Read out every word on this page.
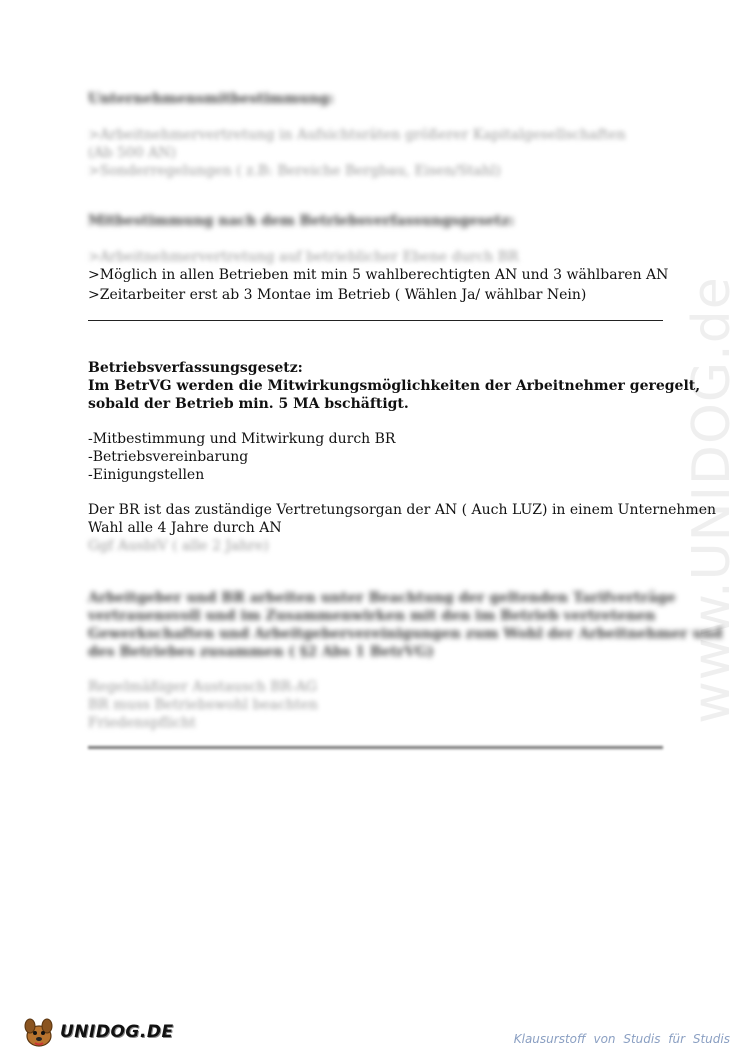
www.UNIDOG.de
Unternehmensmitbestimmung:
>Arbeitnehmervertretung in Aufsichtsräten größerer Kapitalgesellschaften
(Ab 500 AN)
>Sonderregelungen ( z.B: Bereiche Bergbau, Eisen/Stahl)
Mitbestimmung nach dem Betriebsverfassungsgesetz:
>Arbeitnehmervertretung auf betrieblicher Ebene durch BR
>Möglich in allen Betrieben mit min 5 wahlberechtigten AN und 3 wählbaren AN
>Zeitarbeiter erst ab 3 Montae im Betrieb ( Wählen Ja/ wählbar Nein)
Betriebsverfassungsgesetz:
Im BetrVG werden die Mitwirkungsmöglichkeiten der Arbeitnehmer geregelt,
sobald der Betrieb min. 5 MA bschäftigt.
-Mitbestimmung und Mitwirkung durch BR
-Betriebsvereinbarung
-Einigungstellen
Der BR ist das zuständige Vertretungsorgan der AN ( Auch LUZ) in einem Unternehmen
Wahl alle 4 Jahre durch AN
Ggf AusbiV ( alle 2 Jahre)
Arbeitgeber und BR arbeiten unter Beachtung der geltenden Tarifverträge
vertrauensvoll und im Zusammenwirken mit den im Betrieb vertretenen
Gewerkschaften und Arbeitgebervereinigungen zum Wohl der Arbeitnehmer und
des Betriebes zusammen ( §2 Abs 1 BetrVG)
Regelmäßiger Austausch BR-AG
BR muss Betriebswohl beachten
Friedenspflicht
UNIDOG.DE	Klausurstoff von Studis für Studis
